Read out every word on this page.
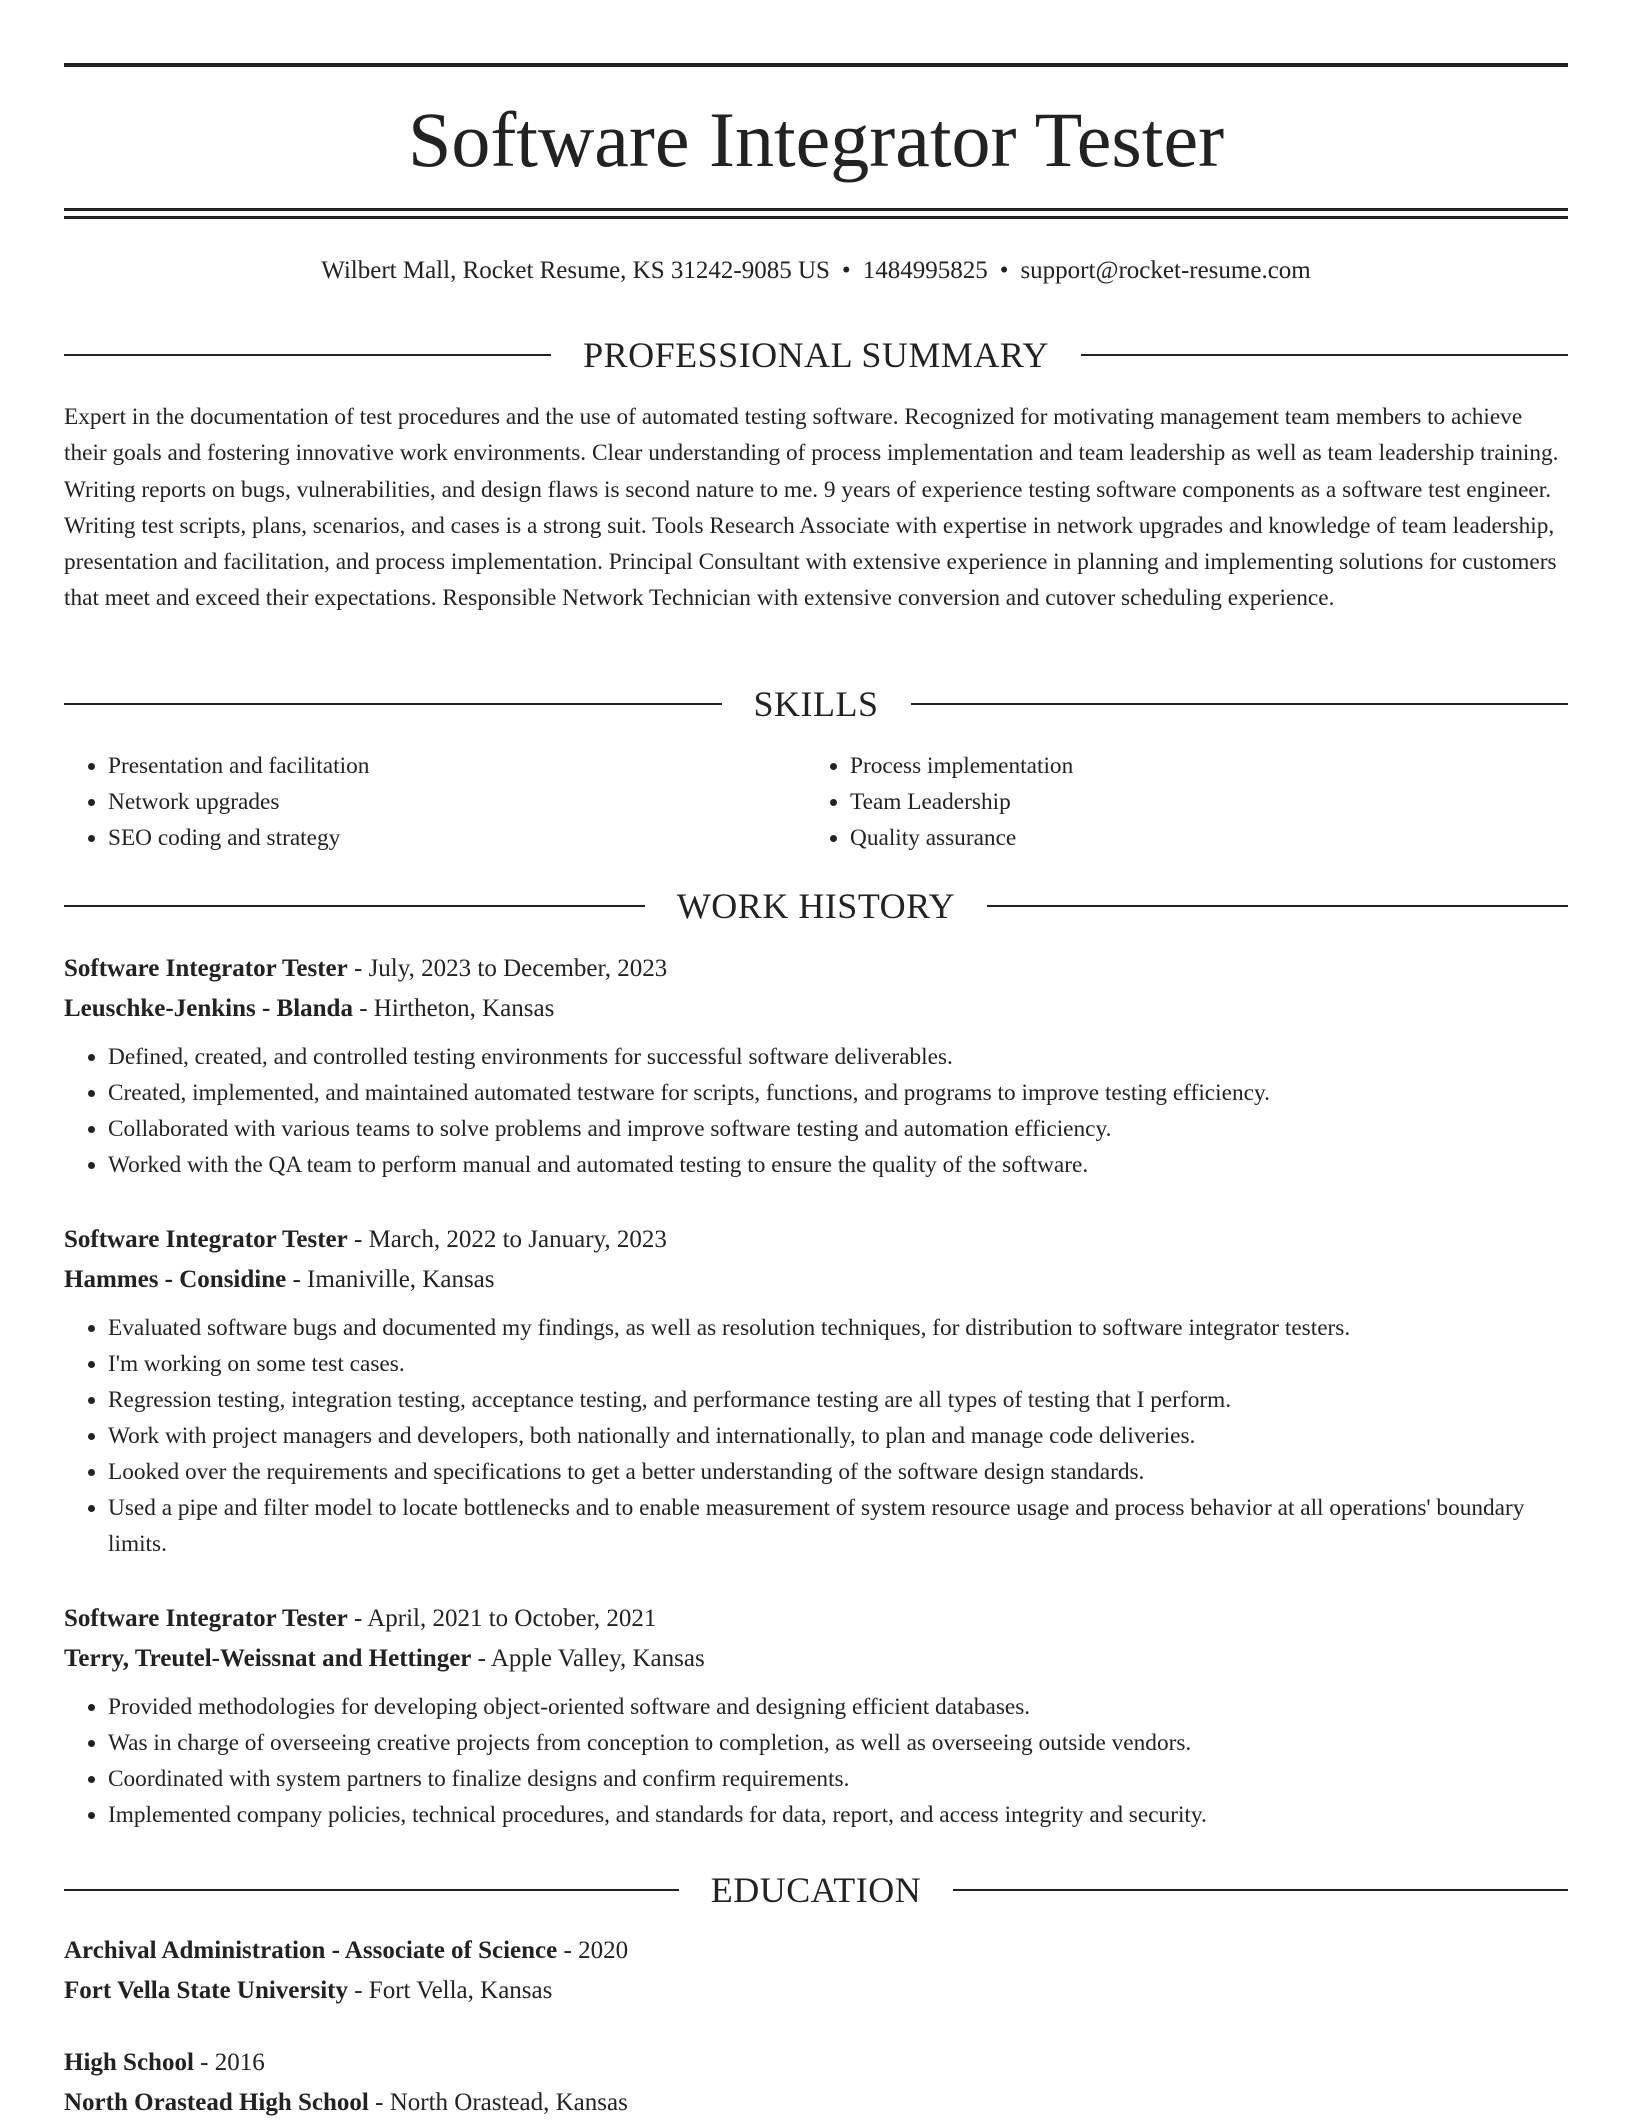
Software Integrator Tester
Wilbert Mall, Rocket Resume, KS 31242-9085 US • 1484995825 • support@rocket-resume.com
PROFESSIONAL SUMMARY

Expert in the documentation of test procedures and the use of automated testing software. Recognized for motivating management team members to achieve their goals and fostering innovative work environments. Clear understanding of process implementation and team leadership as well as team leadership training. Writing reports on bugs, vulnerabilities, and design flaws is second nature to me. 9 years of experience testing software components as a software test engineer. Writing test scripts, plans, scenarios, and cases is a strong suit. Tools Research Associate with expertise in network upgrades and knowledge of team leadership, presentation and facilitation, and process implementation. Principal Consultant with extensive experience in planning and implementing solutions for customers that meet and exceed their expectations. Responsible Network Technician with extensive conversion and cutover scheduling experience.

SKILLS
• Presentation and facilitation
• Network upgrades
• SEO coding and strategy
• Process implementation
• Team Leadership
• Quality assurance
WORK HISTORY
Software Integrator Tester - July, 2023 to December, 2023
Leuschke-Jenkins - Blanda - Hirtheton, Kansas
• Defined, created, and controlled testing environments for successful software deliverables.
• Created, implemented, and maintained automated testware for scripts, functions, and programs to improve testing efficiency.
• Collaborated with various teams to solve problems and improve software testing and automation efficiency.
• Worked with the QA team to perform manual and automated testing to ensure the quality of the software.
Software Integrator Tester - March, 2022 to January, 2023
Hammes - Considine - Imaniville, Kansas
• Evaluated software bugs and documented my findings, as well as resolution techniques, for distribution to software integrator testers.
• I'm working on some test cases.
• Regression testing, integration testing, acceptance testing, and performance testing are all types of testing that I perform.
• Work with project managers and developers, both nationally and internationally, to plan and manage code deliveries.
• Looked over the requirements and specifications to get a better understanding of the software design standards.
• Used a pipe and filter model to locate bottlenecks and to enable measurement of system resource usage and process behavior at all operations' boundary limits.
Software Integrator Tester - April, 2021 to October, 2021
Terry, Treutel-Weissnat and Hettinger - Apple Valley, Kansas
• Provided methodologies for developing object-oriented software and designing efficient databases.
• Was in charge of overseeing creative projects from conception to completion, as well as overseeing outside vendors.
• Coordinated with system partners to finalize designs and confirm requirements.
• Implemented company policies, technical procedures, and standards for data, report, and access integrity and security.
EDUCATION
Archival Administration - Associate of Science - 2020
Fort Vella State University - Fort Vella, Kansas
High School - 2016
North Orastead High School - North Orastead, Kansas
